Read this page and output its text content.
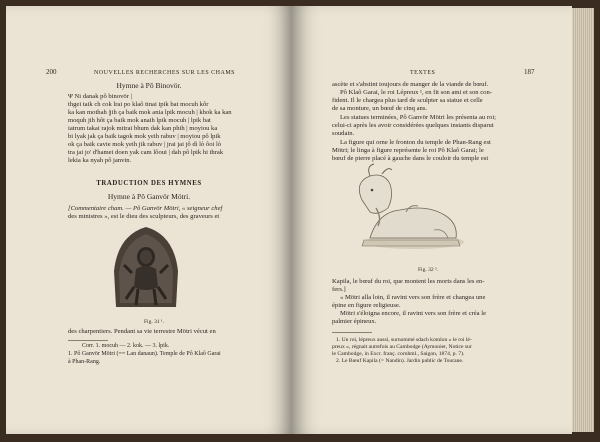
200	NOUVELLES RECHERCHES SUR LES CHAMS
Hymne à Pô Binovör.
Ψ Ni danak pô binovör |
thgei taik ch cok lrai po klaô tinai ipik bat mocuh kôr
ka kan mothah |jih ça baik mok ania lpik mocuh | khok ka kan
moquh jih hôt ça baik mok anaih lpik mocuh | lpik bat
iatrum takai rajok mitrai bhum dak kan phih | moyiou ka
bi lyak jak ça baik tagok mok yeih rabuv | moyiou pô lpik
ok ça baik cavie mok yeih jik rabuv | jrai jai jô dì lò ôoi lò
tra jai jo' d'hamei doen yak cam lôoui | dah pô lpik hi thrak
lekia ka nyah pô janvin.
TRADUCTION DES HYMNES
Hymne à Pô Ganvör Mötri.
[Commentaire cham. — Pô Ganvör Mötri, « seigneur chef
des ministres », est le dieu des sculpteurs, des graveurs et
Fig. 31 ¹.
des charpentiers. Pendant sa vie terrestre Mötri vécut en
Corr. 1. mocuh — 2. kok. — 3. lpik.
1. Pô Ganvör Mötri (== Lan danaun). Temple de Pô Klaô Garai
à Phan-Rang.
TEXTES	187
ascète et s'abstint toujours de manger de la viande de bœuf.
Pô Klaô Garai, le roi Lépreux ¹, en fit son ami et son con-
fident. Il le chargea plus tard de sculpter sa statue et celle
de sa monture, un bœuf de cinq ans.
Les statues terminées, Pô Ganvör Mötri les présenta au roi;
celui-ci après les avoir considérées quelques instants disparut
soudain.
La figure qui orne le fronton du temple de Phan-Rang est
Mötri; le linga à figure représente le roi Pô Klaô Garai; le
bœuf de pierre placé à gauche dans le couloir du temple est
Fig. 32 ².
Kapila, le bœuf du roi, que montent les morts dans les en-
fers.]
« Mötri alla loin, il ravint vers son frère et changea une
épine en figure religieuse.
Mötri s'éloigna encore, il ravint vers son frère et créa le
palmier épineux.
1. Un roi, lépreux aussi, surnommé sdach komlon « le roi lé-
preux », régnait autrefois au Cambodge (Aymonier, Notice sur
le Cambodge, in Excr. franç. cornhml., Saigon, 1874, p. 7).
2. Le Bœuf Kapila (= Nandin). Jardin public de Tourane.
